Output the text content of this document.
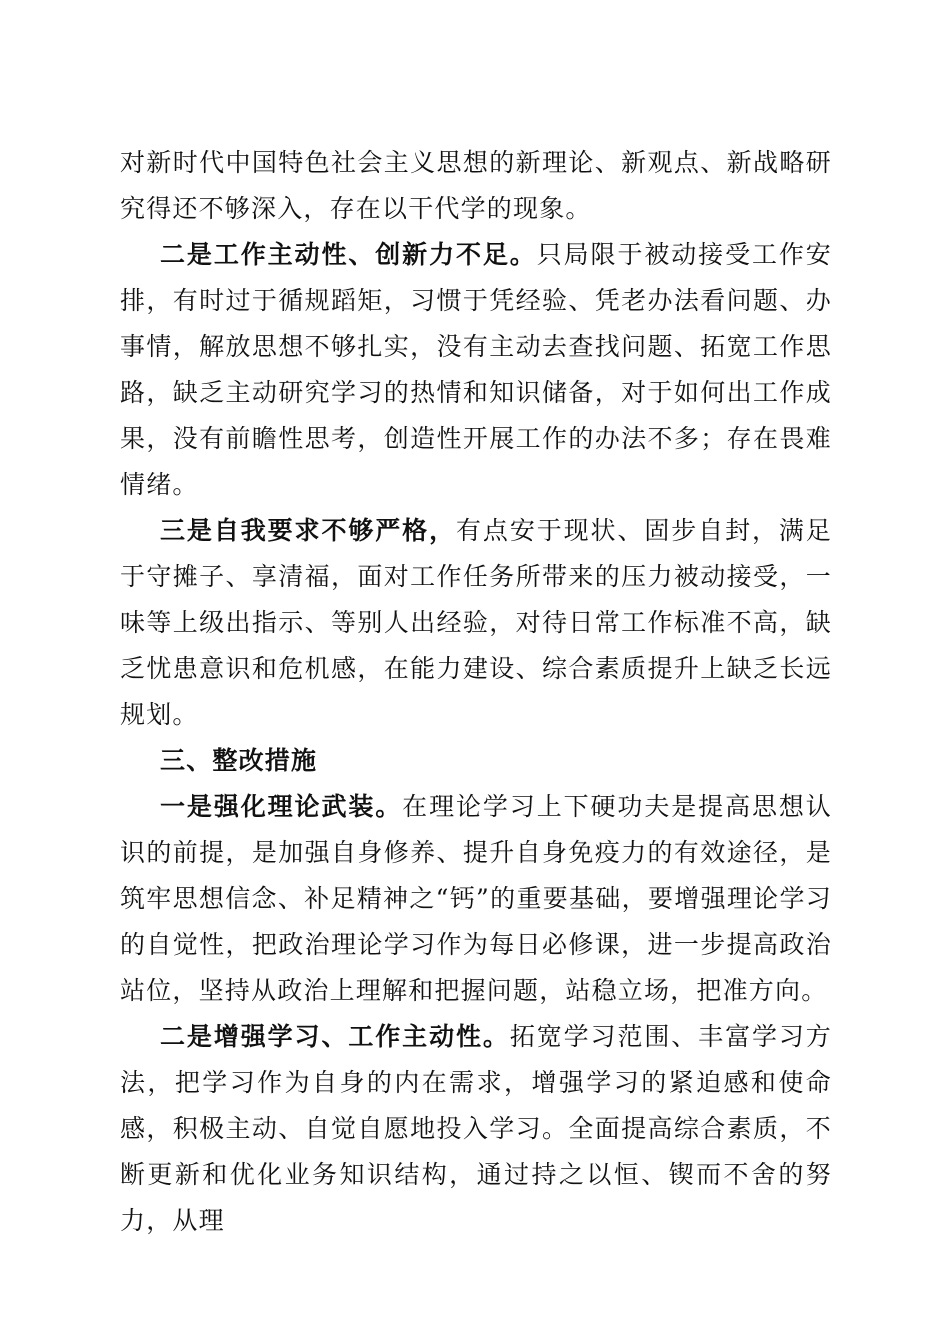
对新时代中国特色社会主义思想的新理论、新观点、新战略研究得还不够深入，存在以干代学的现象。

二是工作主动性、创新力不足。只局限于被动接受工作安排，有时过于循规蹈矩，习惯于凭经验、凭老办法看问题、办事情，解放思想不够扎实，没有主动去查找问题、拓宽工作思路，缺乏主动研究学习的热情和知识储备，对于如何出工作成果，没有前瞻性思考，创造性开展工作的办法不多；存在畏难情绪。

三是自我要求不够严格，有点安于现状、固步自封，满足于守摊子、享清福，面对工作任务所带来的压力被动接受，一味等上级出指示、等别人出经验，对待日常工作标准不高，缺乏忧患意识和危机感，在能力建设、综合素质提升上缺乏长远规划。

三、整改措施

一是强化理论武装。在理论学习上下硬功夫是提高思想认识的前提，是加强自身修养、提升自身免疫力的有效途径，是筑牢思想信念、补足精神之“钙”的重要基础，要增强理论学习的自觉性，把政治理论学习作为每日必修课，进一步提高政治站位，坚持从政治上理解和把握问题，站稳立场，把准方向。

二是增强学习、工作主动性。拓宽学习范围、丰富学习方法，把学习作为自身的内在需求，增强学习的紧迫感和使命感，积极主动、自觉自愿地投入学习。全面提高综合素质，不断更新和优化业务知识结构，通过持之以恒、锲而不舍的努力，从理
